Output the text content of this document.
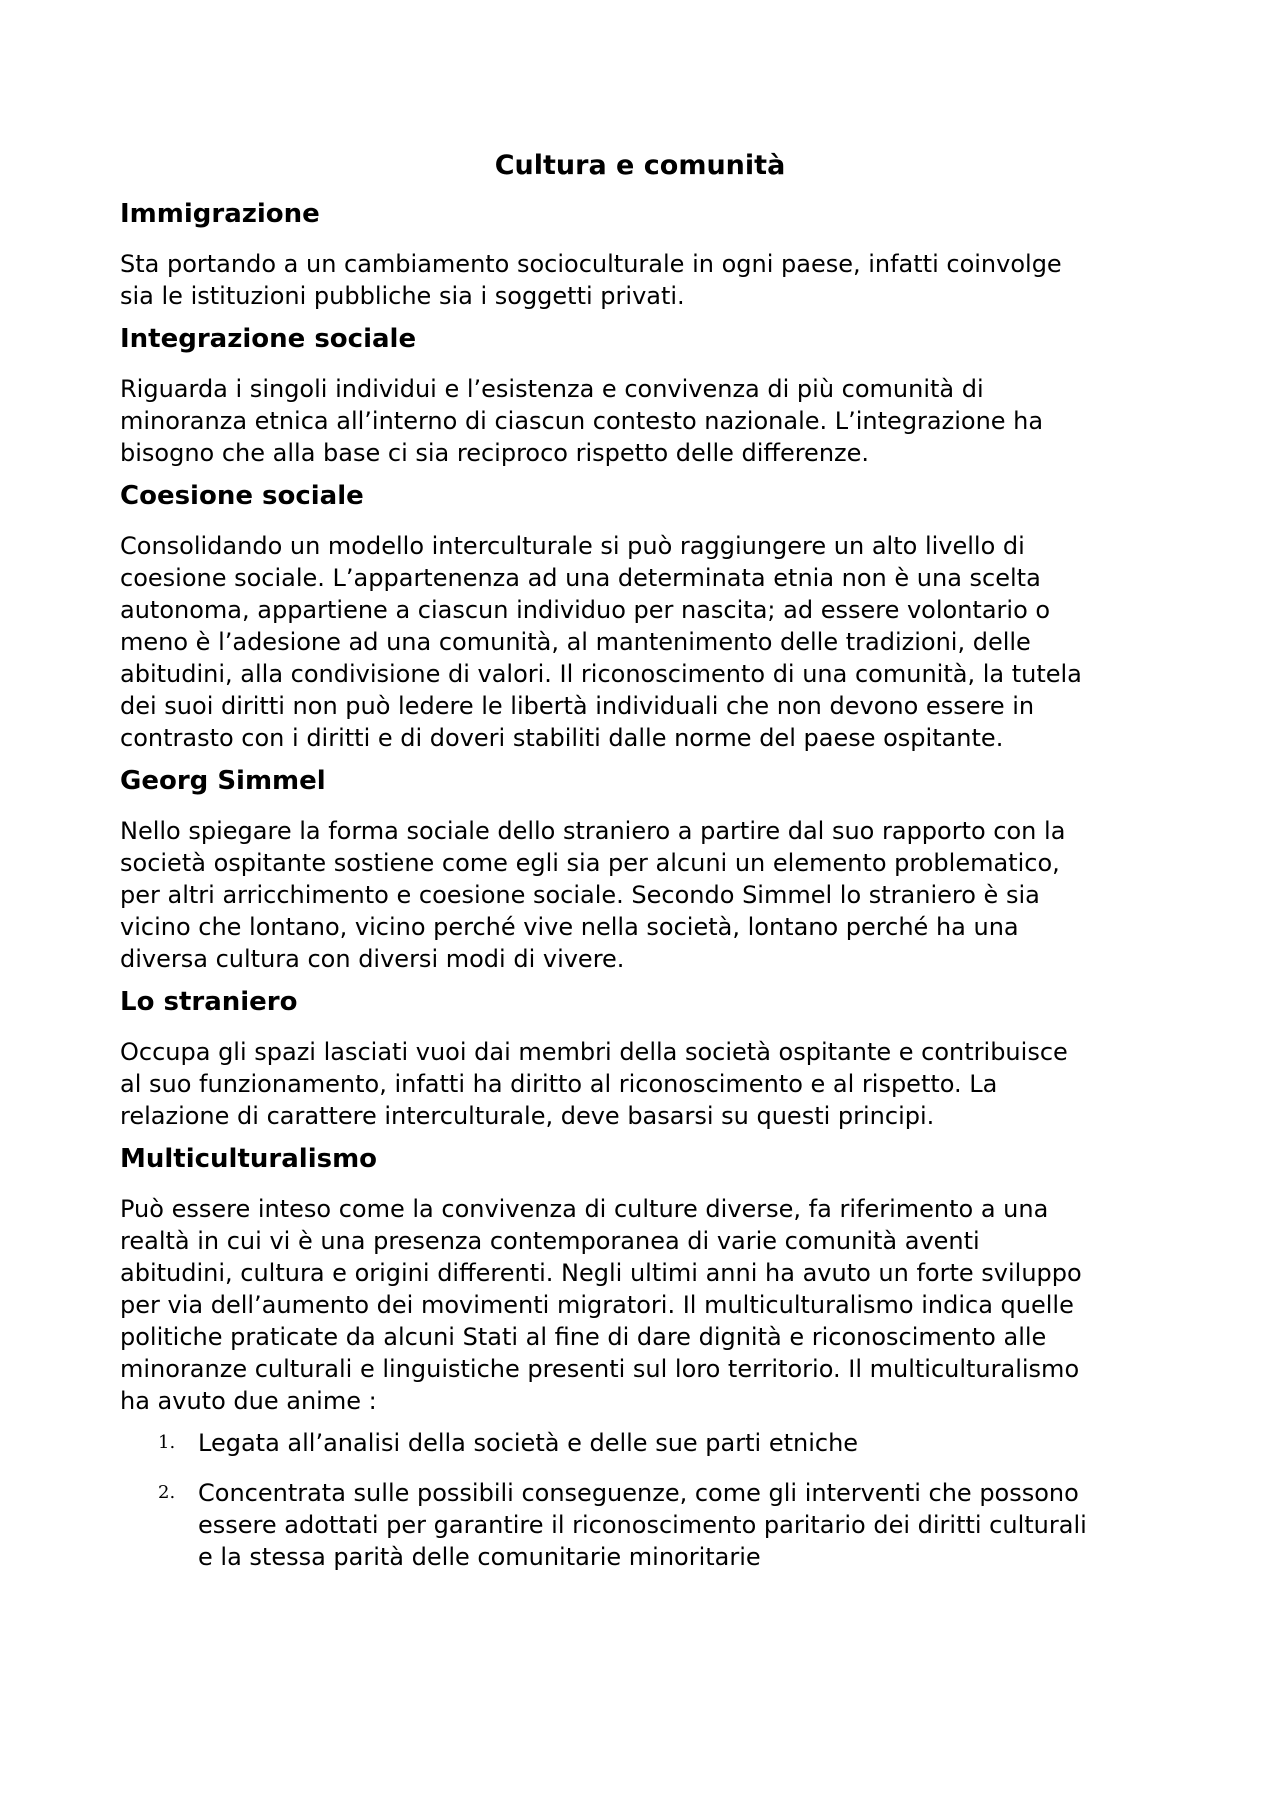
Cultura e comunità
Immigrazione

Sta portando a un cambiamento socioculturale in ogni paese, infatti coinvolge
sia le istituzioni pubbliche sia i soggetti privati.

Integrazione sociale

Riguarda i singoli individui e l’esistenza e convivenza di più comunità di
minoranza etnica all’interno di ciascun contesto nazionale. L’integrazione ha
bisogno che alla base ci sia reciproco rispetto delle differenze.

Coesione sociale

Consolidando un modello interculturale si può raggiungere un alto livello di
coesione sociale. L’appartenenza ad una determinata etnia non è una scelta
autonoma, appartiene a ciascun individuo per nascita; ad essere volontario o
meno è l’adesione ad una comunità, al mantenimento delle tradizioni, delle
abitudini, alla condivisione di valori. Il riconoscimento di una comunità, la tutela
dei suoi diritti non può ledere le libertà individuali che non devono essere in
contrasto con i diritti e di doveri stabiliti dalle norme del paese ospitante.

Georg Simmel

Nello spiegare la forma sociale dello straniero a partire dal suo rapporto con la
società ospitante sostiene come egli sia per alcuni un elemento problematico,
per altri arricchimento e coesione sociale. Secondo Simmel lo straniero è sia
vicino che lontano, vicino perché vive nella società, lontano perché ha una
diversa cultura con diversi modi di vivere.

Lo straniero

Occupa gli spazi lasciati vuoi dai membri della società ospitante e contribuisce
al suo funzionamento, infatti ha diritto al riconoscimento e al rispetto. La
relazione di carattere interculturale, deve basarsi su questi principi.

Multiculturalismo

Può essere inteso come la convivenza di culture diverse, fa riferimento a una
realtà in cui vi è una presenza contemporanea di varie comunità aventi
abitudini, cultura e origini differenti. Negli ultimi anni ha avuto un forte sviluppo
per via dell’aumento dei movimenti migratori. Il multiculturalismo indica quelle
politiche praticate da alcuni Stati al fine di dare dignità e riconoscimento alle
minoranze culturali e linguistiche presenti sul loro territorio. Il multiculturalismo
ha avuto due anime :

1. Legata all’analisi della società e delle sue parti etniche
2. Concentrata sulle possibili conseguenze, come gli interventi che possono
essere adottati per garantire il riconoscimento paritario dei diritti culturali
e la stessa parità delle comunitarie minoritarie
